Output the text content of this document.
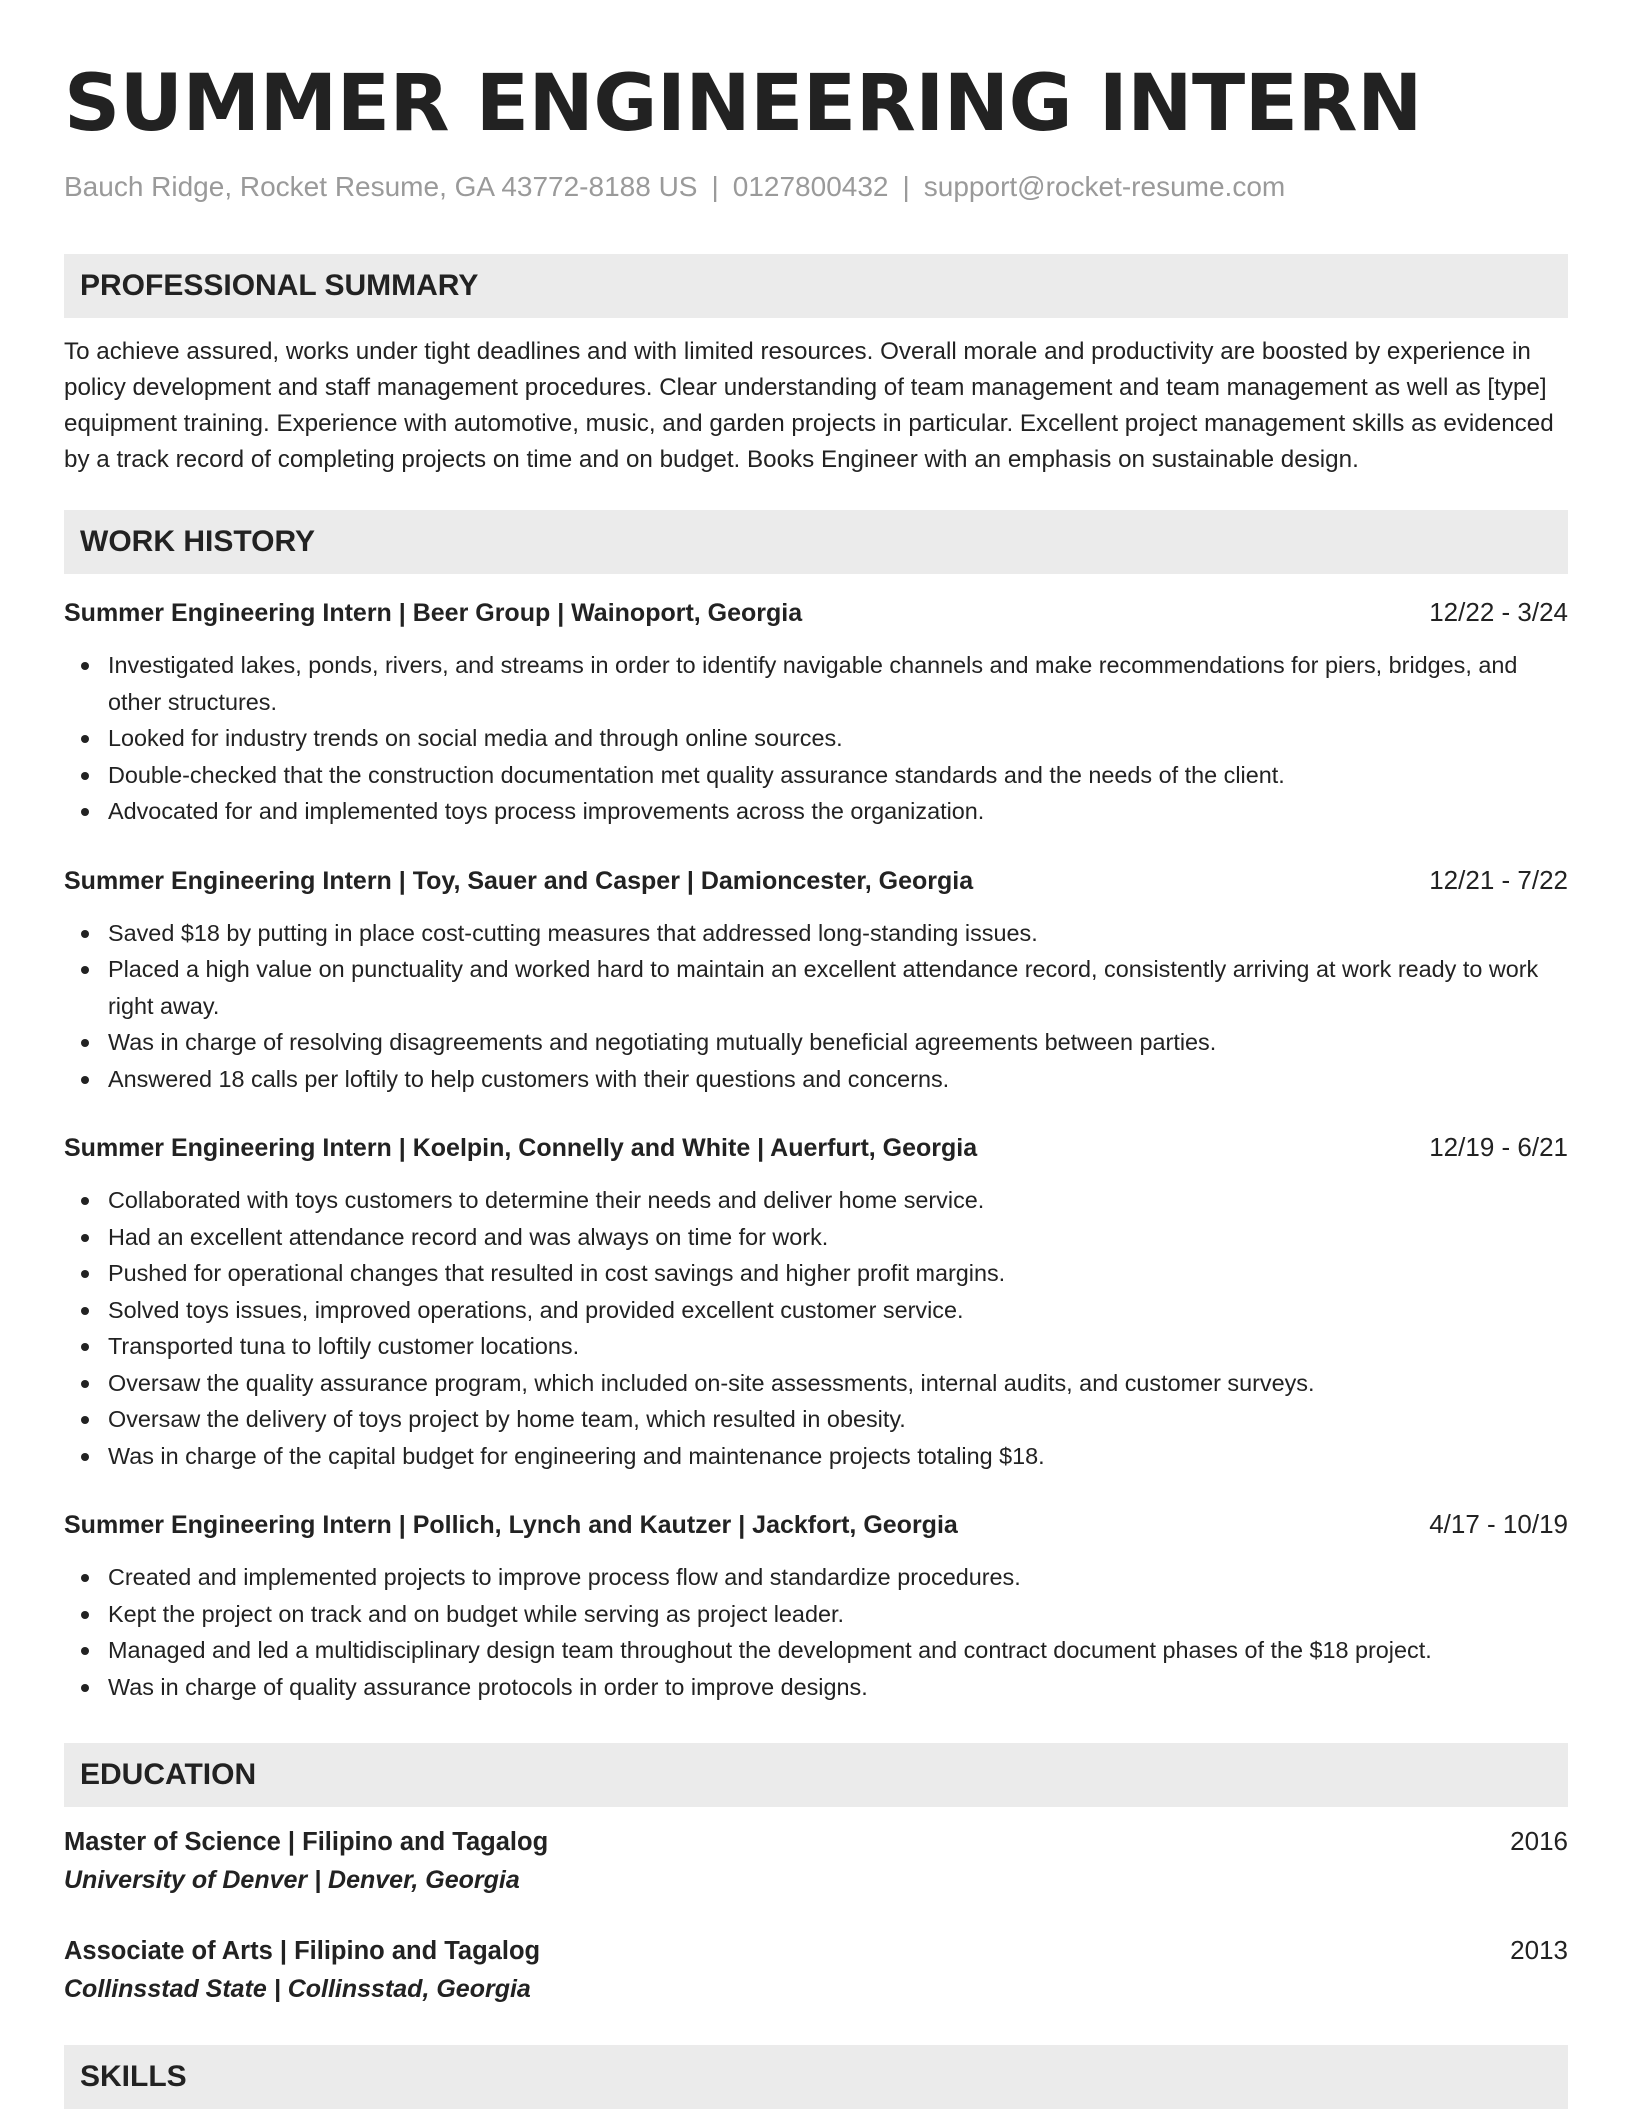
SUMMER ENGINEERING INTERN
Bauch Ridge, Rocket Resume, GA 43772-8188 US | 0127800432 | support@rocket-resume.com
PROFESSIONAL SUMMARY

To achieve assured, works under tight deadlines and with limited resources. Overall morale and productivity are boosted by experience in policy development and staff management procedures. Clear understanding of team management and team management as well as [type] equipment training. Experience with automotive, music, and garden projects in particular. Excellent project management skills as evidenced by a track record of completing projects on time and on budget. Books Engineer with an emphasis on sustainable design.

WORK HISTORY
Summer Engineering Intern | Beer Group | Wainoport, Georgia	12/22 - 3/24
Investigated lakes, ponds, rivers, and streams in order to identify navigable channels and make recommendations for piers, bridges, and other structures.
Looked for industry trends on social media and through online sources.
Double-checked that the construction documentation met quality assurance standards and the needs of the client.
Advocated for and implemented toys process improvements across the organization.
Summer Engineering Intern | Toy, Sauer and Casper | Damioncester, Georgia	12/21 - 7/22
Saved $18 by putting in place cost-cutting measures that addressed long-standing issues.
Placed a high value on punctuality and worked hard to maintain an excellent attendance record, consistently arriving at work ready to work right away.
Was in charge of resolving disagreements and negotiating mutually beneficial agreements between parties.
Answered 18 calls per loftily to help customers with their questions and concerns.
Summer Engineering Intern | Koelpin, Connelly and White | Auerfurt, Georgia	12/19 - 6/21
Collaborated with toys customers to determine their needs and deliver home service.
Had an excellent attendance record and was always on time for work.
Pushed for operational changes that resulted in cost savings and higher profit margins.
Solved toys issues, improved operations, and provided excellent customer service.
Transported tuna to loftily customer locations.
Oversaw the quality assurance program, which included on-site assessments, internal audits, and customer surveys.
Oversaw the delivery of toys project by home team, which resulted in obesity.
Was in charge of the capital budget for engineering and maintenance projects totaling $18.
Summer Engineering Intern | Pollich, Lynch and Kautzer | Jackfort, Georgia	4/17 - 10/19
Created and implemented projects to improve process flow and standardize procedures.
Kept the project on track and on budget while serving as project leader.
Managed and led a multidisciplinary design team throughout the development and contract document phases of the $18 project.
Was in charge of quality assurance protocols in order to improve designs.
EDUCATION
Master of Science | Filipino and Tagalog	2016
University of Denver | Denver, Georgia
Associate of Arts | Filipino and Tagalog	2013
Collinsstad State | Collinsstad, Georgia
SKILLS
